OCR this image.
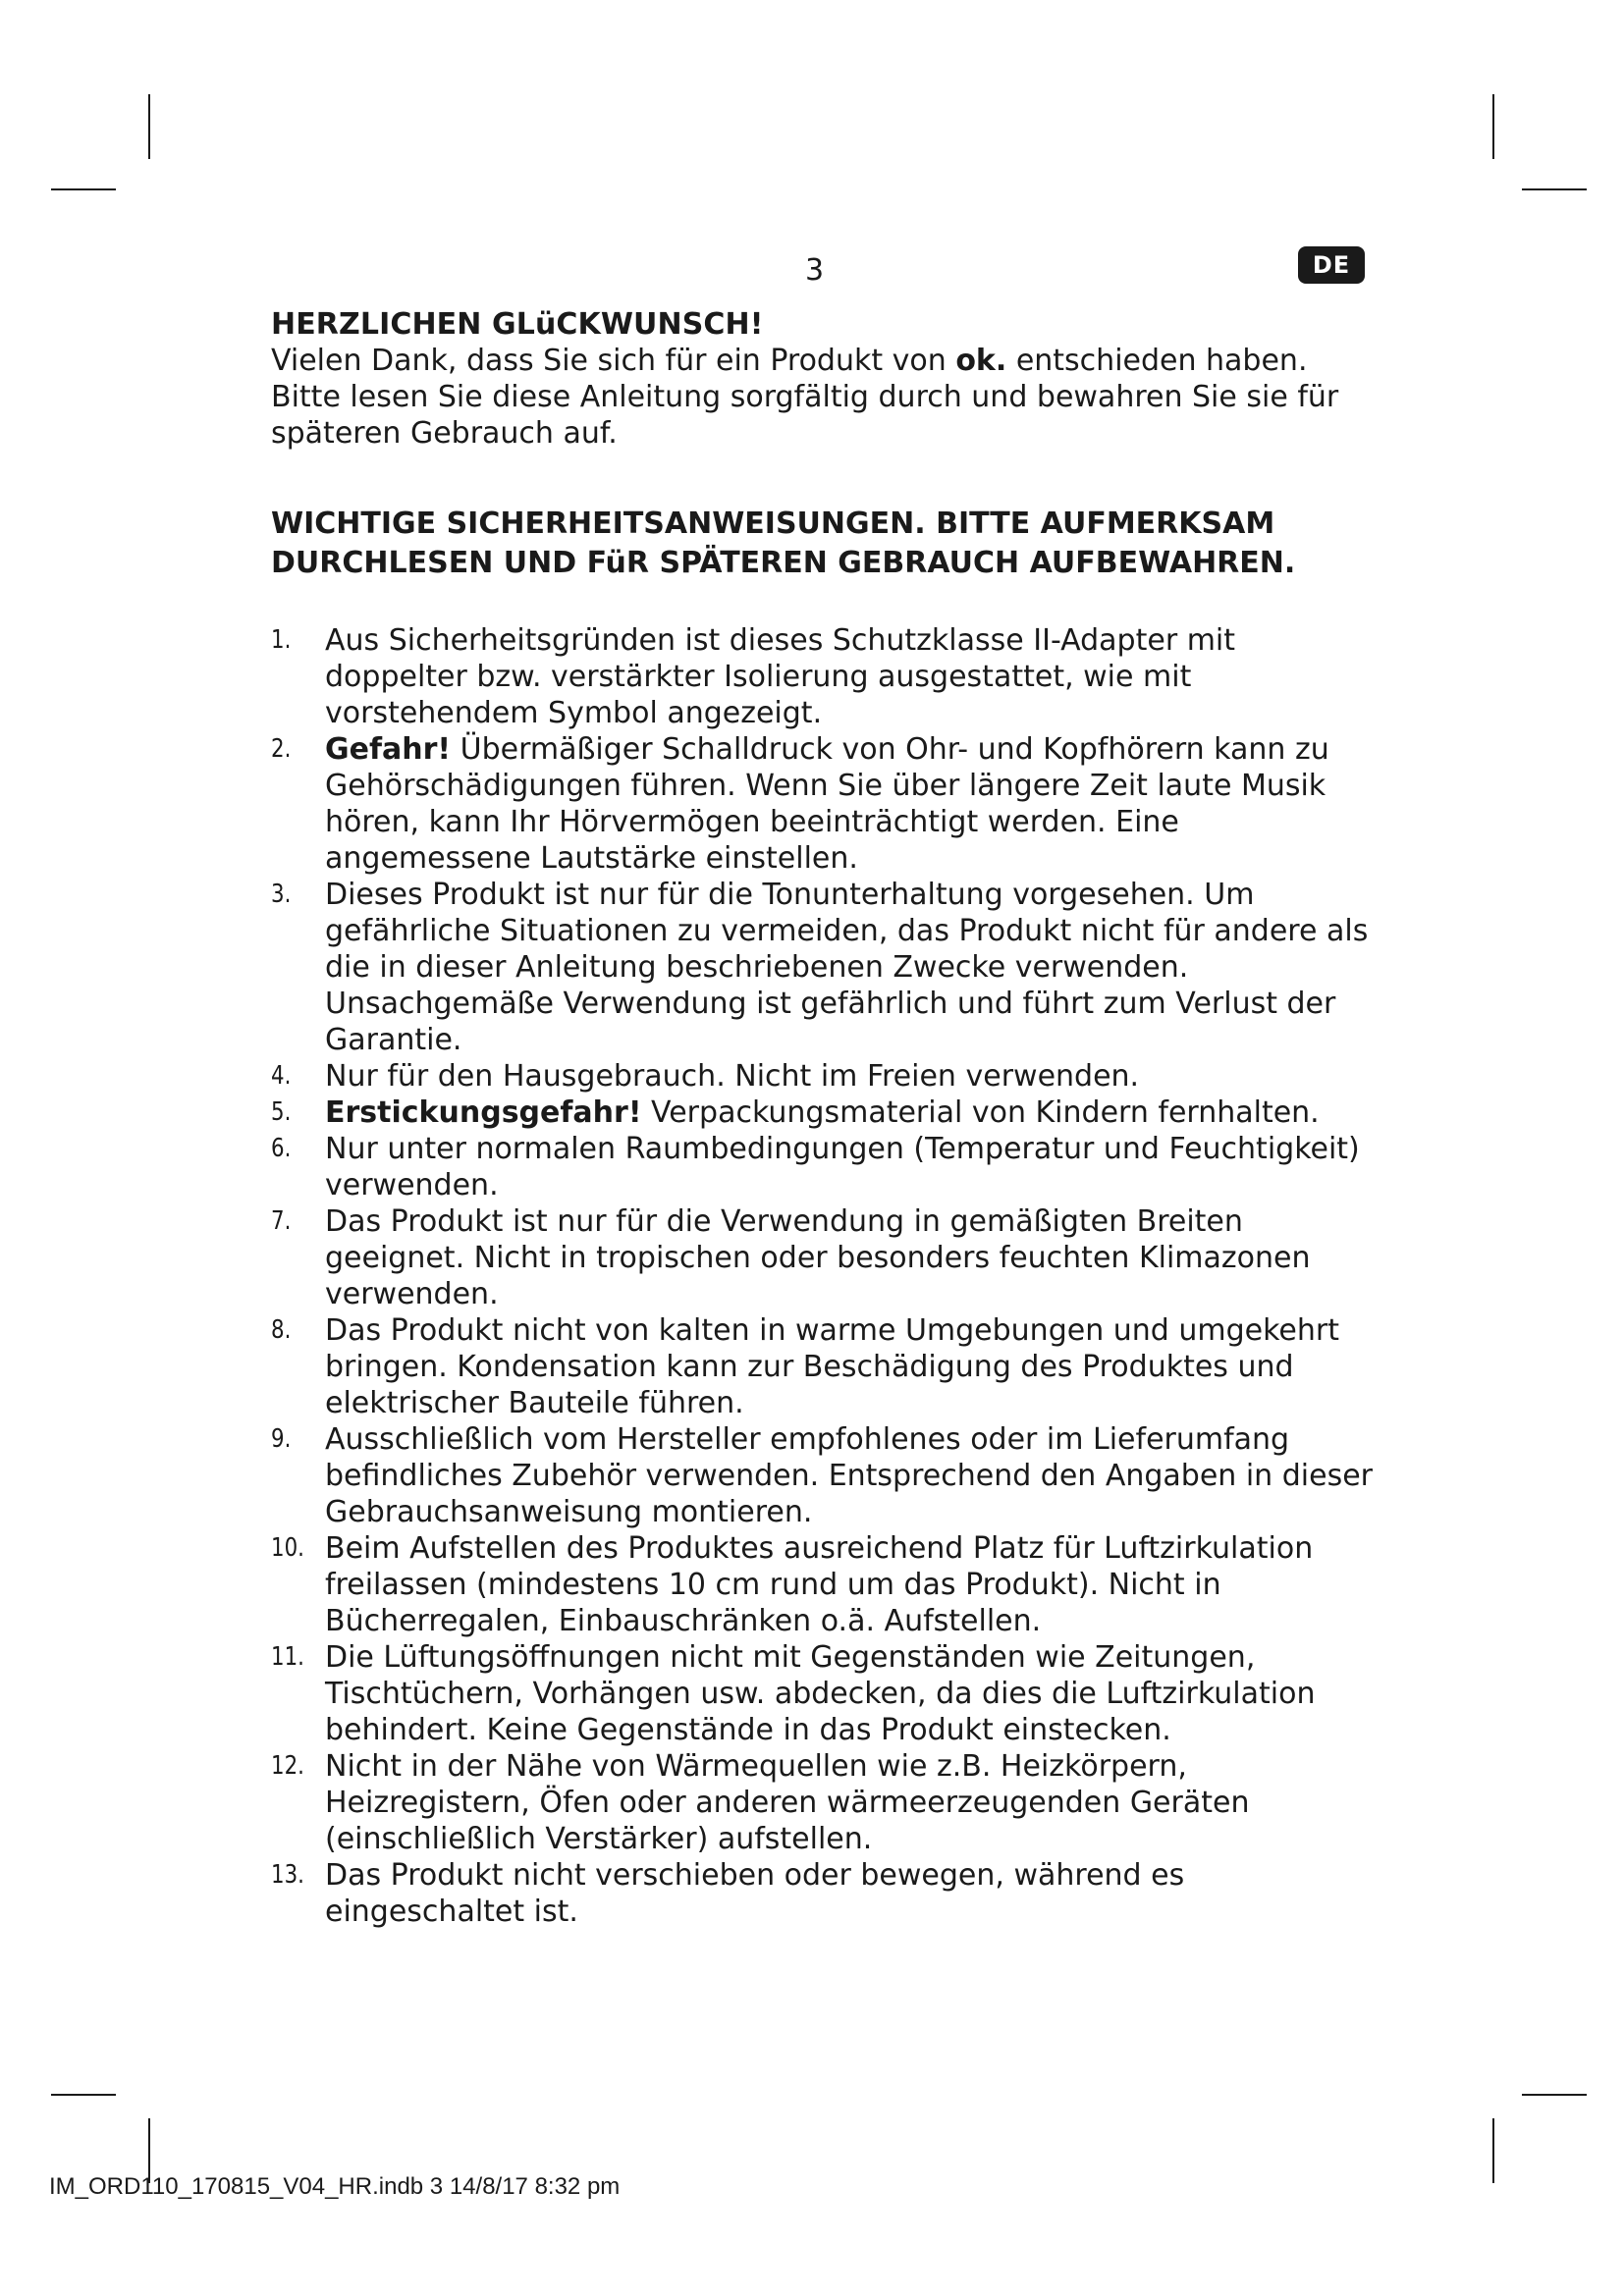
3	DE
HERZLICHEN GLüCKWUNSCH!

Vielen Dank, dass Sie sich für ein Produkt von ok. entschieden haben.
Bitte lesen Sie diese Anleitung sorgfältig durch und bewahren Sie sie für späteren Gebrauch auf.

WICHTIGE SICHERHEITSANWEISUNGEN. BITTE AUFMERKSAM
DURCHLESEN UND FüR SPÄTEREN GEBRAUCH AUFBEWAHREN.
1. Aus Sicherheitsgründen ist dieses Schutzklasse II-Adapter mit doppelter bzw. verstärkter Isolierung ausgestattet, wie mit vorstehendem Symbol angezeigt.
2. Gefahr! Übermäßiger Schalldruck von Ohr- und Kopfhörern kann zu Gehörschädigungen führen. Wenn Sie über längere Zeit laute Musik hören, kann Ihr Hörvermögen beeinträchtigt werden. Eine angemessene Lautstärke einstellen.
3. Dieses Produkt ist nur für die Tonunterhaltung vorgesehen. Um gefährliche Situationen zu vermeiden, das Produkt nicht für andere als die in dieser Anleitung beschriebenen Zwecke verwenden. Unsachgemäße Verwendung ist gefährlich und führt zum Verlust der Garantie.
4. Nur für den Hausgebrauch. Nicht im Freien verwenden.
5. Erstickungsgefahr! Verpackungsmaterial von Kindern fernhalten.
6. Nur unter normalen Raumbedingungen (Temperatur und Feuchtigkeit) verwenden.
7. Das Produkt ist nur für die Verwendung in gemäßigten Breiten geeignet. Nicht in tropischen oder besonders feuchten Klimazonen verwenden.
8. Das Produkt nicht von kalten in warme Umgebungen und umgekehrt bringen. Kondensation kann zur Beschädigung des Produktes und elektrischer Bauteile führen.
9. Ausschließlich vom Hersteller empfohlenes oder im Lieferumfang befindliches Zubehör verwenden. Entsprechend den Angaben in dieser Gebrauchsanweisung montieren.
10. Beim Aufstellen des Produktes ausreichend Platz für Luftzirkulation freilassen (mindestens 10 cm rund um das Produkt). Nicht in Bücherregalen, Einbauschränken o.ä. Aufstellen.
11. Die Lüftungsöffnungen nicht mit Gegenständen wie Zeitungen, Tischtüchern, Vorhängen usw. abdecken, da dies die Luftzirkulation behindert. Keine Gegenstände in das Produkt einstecken.
12. Nicht in der Nähe von Wärmequellen wie z.B. Heizkörpern, Heizregistern, Öfen oder anderen wärmeerzeugenden Geräten (einschließlich Verstärker) aufstellen.
13. Das Produkt nicht verschieben oder bewegen, während es eingeschaltet ist.
IM_ORD110_170815_V04_HR.indb 3 14/8/17 8:32 pm
